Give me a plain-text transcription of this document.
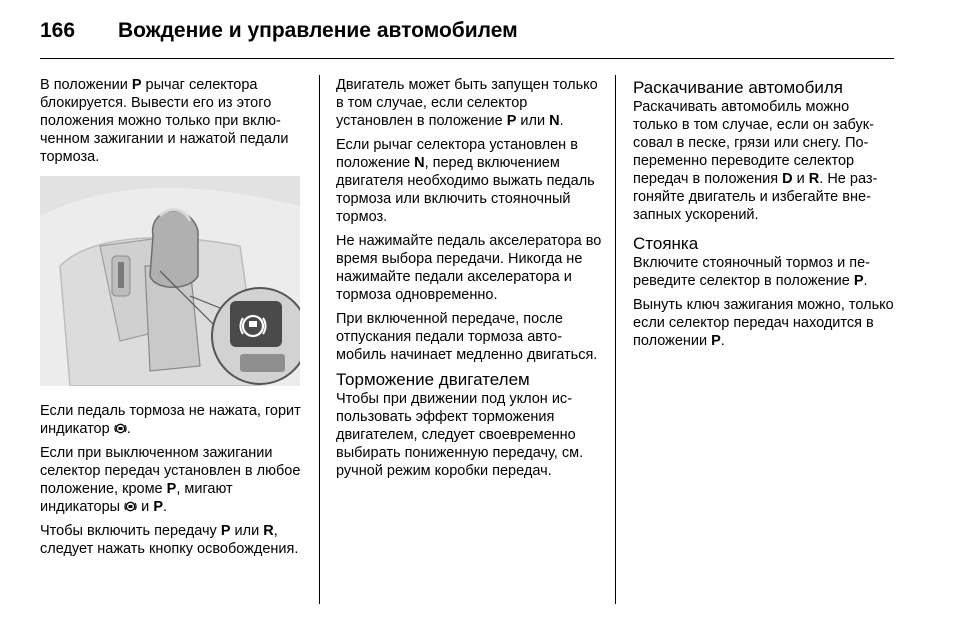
166 Вождение и управление автомобилем

В положении P рычаг селектора блокируется. Вывести его из этого положения можно только при включенном зажигании и нажатой педали тормоза.

Если педаль тормоза не нажата, горит индикатор .

Если при выключенном зажигании селектор передач установлен в любое положение, кроме P, мигают индикаторы  и P.

Чтобы включить передачу P или R, следует нажать кнопку освобождения.

Двигатель может быть запущен только в том случае, если селектор установлен в положение P или N.

Если рычаг селектора установлен в положение N, перед включением двигателя необходимо выжать педаль тормоза или включить стояночный тормоз.

Не нажимайте педаль акселератора во время выбора передачи. Никогда не нажимайте педали акселератора и тормоза одновременно.

При включенной передаче, после отпускания педали тормоза автомобиль начинает медленно двигаться.

Торможение двигателем

Чтобы при движении под уклон использовать эффект торможения двигателем, следует своевременно выбирать пониженную передачу, см. ручной режим коробки передач.

Раскачивание автомобиля

Раскачивать автомобиль можно только в том случае, если он забуксовал в песке, грязи или снегу. Попеременно переводите селектор передач в положения D и R. Не разгоняйте двигатель и избегайте внезапных ускорений.

Стоянка

Включите стояночный тормоз и переведите селектор в положение P.

Вынуть ключ зажигания можно, только если селектор передач находится в положении P.
